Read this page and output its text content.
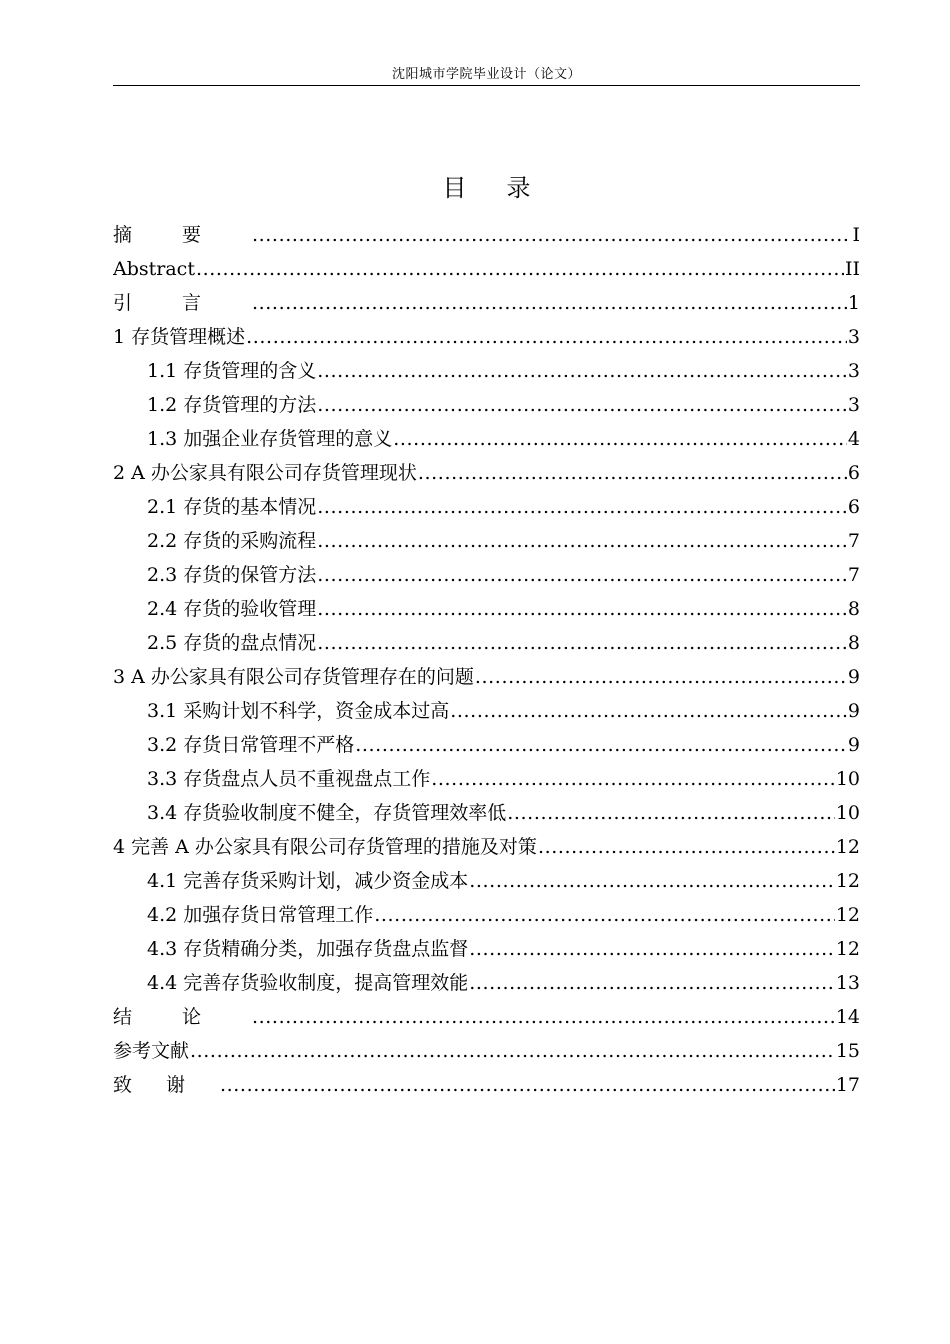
沈阳城市学院毕业设计（论文）
目录
摘要 .....	I
Abstract .....	II
引言 .....	1
1 存货管理概述 .....	3
1.1 存货管理的含义 .....	3
1.2 存货管理的方法 .....	3
1.3 加强企业存货管理的意义 .....	4
2 A 办公家具有限公司存货管理现状 .....	6
2.1 存货的基本情况 .....	6
2.2 存货的采购流程 .....	7
2.3 存货的保管方法 .....	7
2.4 存货的验收管理 .....	8
2.5 存货的盘点情况 .....	8
3 A 办公家具有限公司存货管理存在的问题 .....	9
3.1 采购计划不科学，资金成本过高 .....	9
3.2 存货日常管理不严格 .....	9
3.3 存货盘点人员不重视盘点工作 .....	10
3.4 存货验收制度不健全，存货管理效率低 .....	10
4 完善 A 办公家具有限公司存货管理的措施及对策 .....	12
4.1 完善存货采购计划，减少资金成本 .....	12
4.2 加强存货日常管理工作 .....	12
4.3 存货精确分类，加强存货盘点监督 .....	12
4.4 完善存货验收制度，提高管理效能 .....	13
结论 .....	14
参考文献 .....	15
致谢 .....	17
